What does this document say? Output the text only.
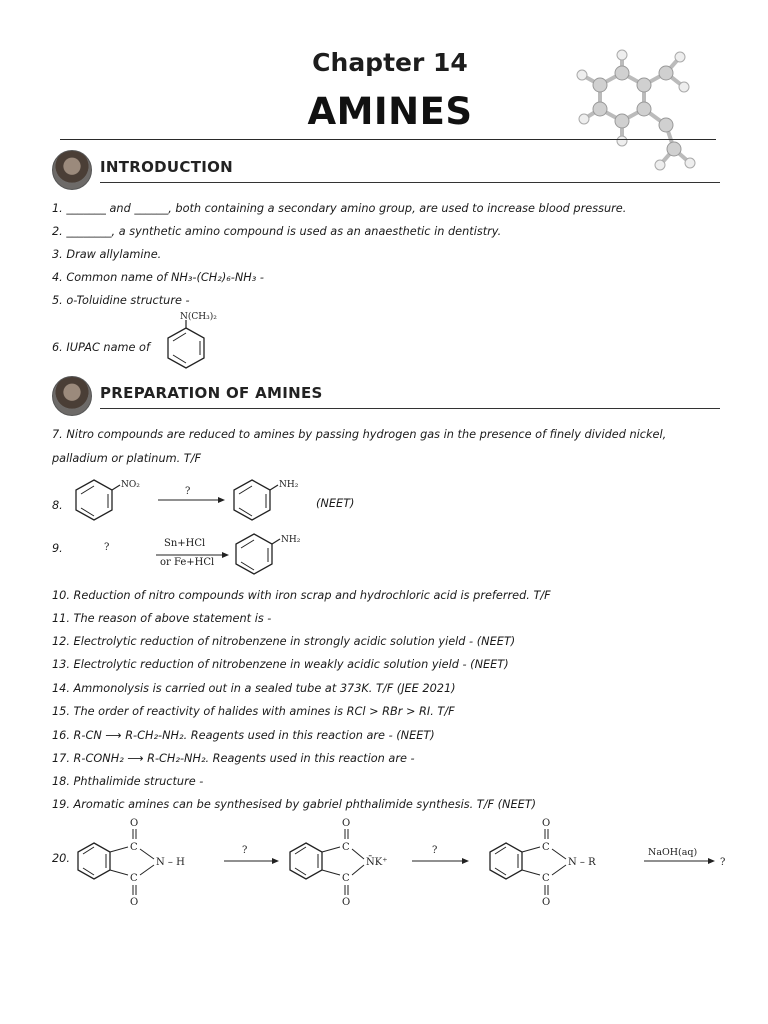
Chapter 14
AMINES
INTRODUCTION
1. _______ and ______, both containing a secondary amino group, are used to increase blood pressure.
2. ________, a synthetic amino compound is used as an anaesthetic in dentistry.
3. Draw allylamine.
4. Common name of NH₃-(CH₂)₆-NH₃ -
5. o-Toluidine structure -
6. IUPAC name of
N(CH₃)₂
PREPARATION OF AMINES
7. Nitro compounds are reduced to amines by passing hydrogen gas in the presence of finely divided nickel,
palladium or platinum. T/F
8.
NO₂
?
NH₂
(NEET)
9.	?	Sn+HCl
or Fe+HCl
NH₂
10. Reduction of nitro compounds with iron scrap and hydrochloric acid is preferred. T/F
11. The reason of above statement is -
12. Electrolytic reduction of nitrobenzene in strongly acidic solution yield - (NEET)
13. Electrolytic reduction of nitrobenzene in weakly acidic solution yield - (NEET)
14. Ammonolysis is carried out in a sealed tube at 373K. T/F (JEE 2021)
15. The order of reactivity of halides with amines is RCl > RBr > RI. T/F
16. R-CN ⟶ R-CH₂-NH₂. Reagents used in this reaction are - (NEET)
17. R-CONH₂ ⟶ R-CH₂-NH₂. Reagents used in this reaction are -
18. Phthalimide structure -
19. Aromatic amines can be synthesised by gabriel phthalimide synthesis. T/F (NEET)
20.
C
C
O
O
N – H
?	C
C
O
O
N̄K⁺
?	C
C
O
O
N – R
NaOH(aq)
?
